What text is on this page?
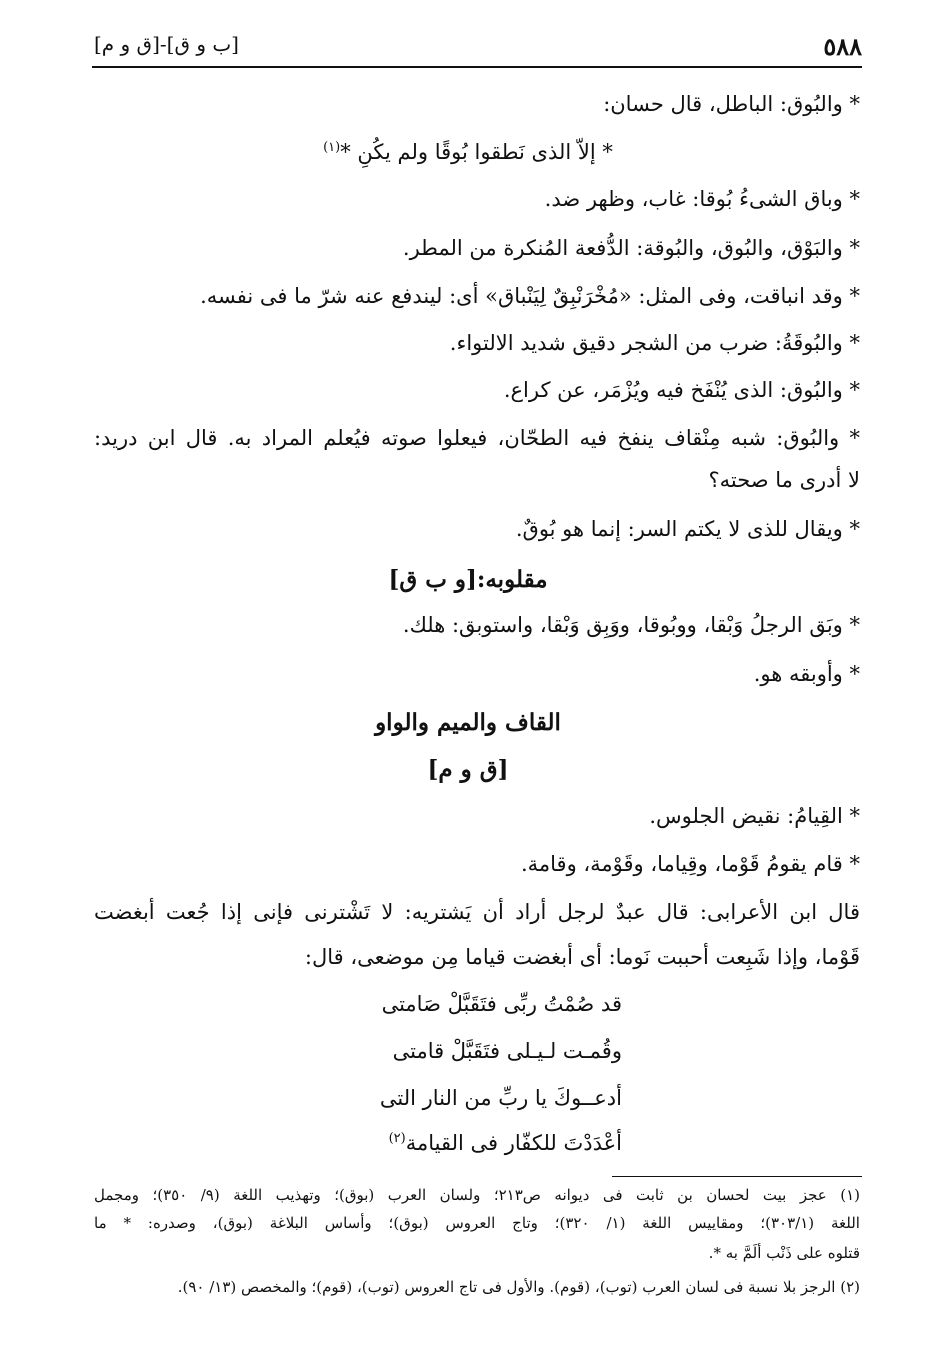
٥٨٨
[ب و ق]-[ق و م]
* والبُوق: الباطل، قال حسان:
* إلاّ الذى نَطقوا بُوقًا ولم يكُنِ *$^{(١)}$
* وباق الشىءُ بُوقا: غاب، وظهر ضد.
* والبَوْق، والبُوق، والبُوقة: الدُّفعة المُنكرة من المطر.
* وقد انباقت، وفى المثل: «مُخْرَنْبِقٌ لِيَنْباق» أى: ليندفع عنه شرّ ما فى نفسه.
* والبُوقَةُ: ضرب من الشجر دقيق شديد الالتواء.
* والبُوق: الذى يُنْفَخ فيه ويُزْمَر، عن كراع.
* والبُوق: شبه مِنْقاف ينفخ فيه الطحّان، فيعلوا صوته فيُعلم المراد به. قال ابن دريد:
لا أدرى ما صحته؟
* ويقال للذى لا يكتم السر: إنما هو بُوقٌ.
مقلوبه:[و ب ق]
* وبَق الرجلُ وَبْقا، ووبُوقا، ووَبِق وَبْقا، واستوبق: هلك.
* وأوبقه هو.
القاف والميم والواو
[ق و م]
* القِيامُ: نقيض الجلوس.
* قام يقومُ قَوْما، وقِياما، وقَوْمة، وقامة.
قال ابن الأعرابى: قال عبدٌ لرجل أراد أن يَشتريه: لا تَشْترنى فإنى إذا جُعت أبغضت
قَوْما، وإذا شَبِعت أحببت نَوما: أى أبغضت قياما مِن موضعى، قال:
قد صُمْتُ ربِّى فتَقَبَّلْ صَامتى
وقُمـت لـيـلى فتَقَبَّلْ قامتى
أدعــوكَ يا ربِّ من النار التى
أعْدَدْتَ للكفّار فى القيامة$^{(٢)}$
(١) عجز بيت لحسان بن ثابت فى ديوانه ص٢١٣؛ ولسان العرب (بوق)؛ وتهذيب اللغة (٩/ ٣٥٠)؛ ومجمل
اللغة (٣٠٣/١)؛ ومقاييس اللغة (١/ ٣٢٠)؛ وتاج العروس (بوق)؛ وأساس البلاغة (بوق)، وصدره: * ما
قتلوه على ذَنْب ألَمَّ به *.
(٢) الرجز بلا نسبة فى لسان العرب (توب)، (قوم). والأول فى تاج العروس (توب)، (قوم)؛ والمخصص (١٣/ ٩٠).
